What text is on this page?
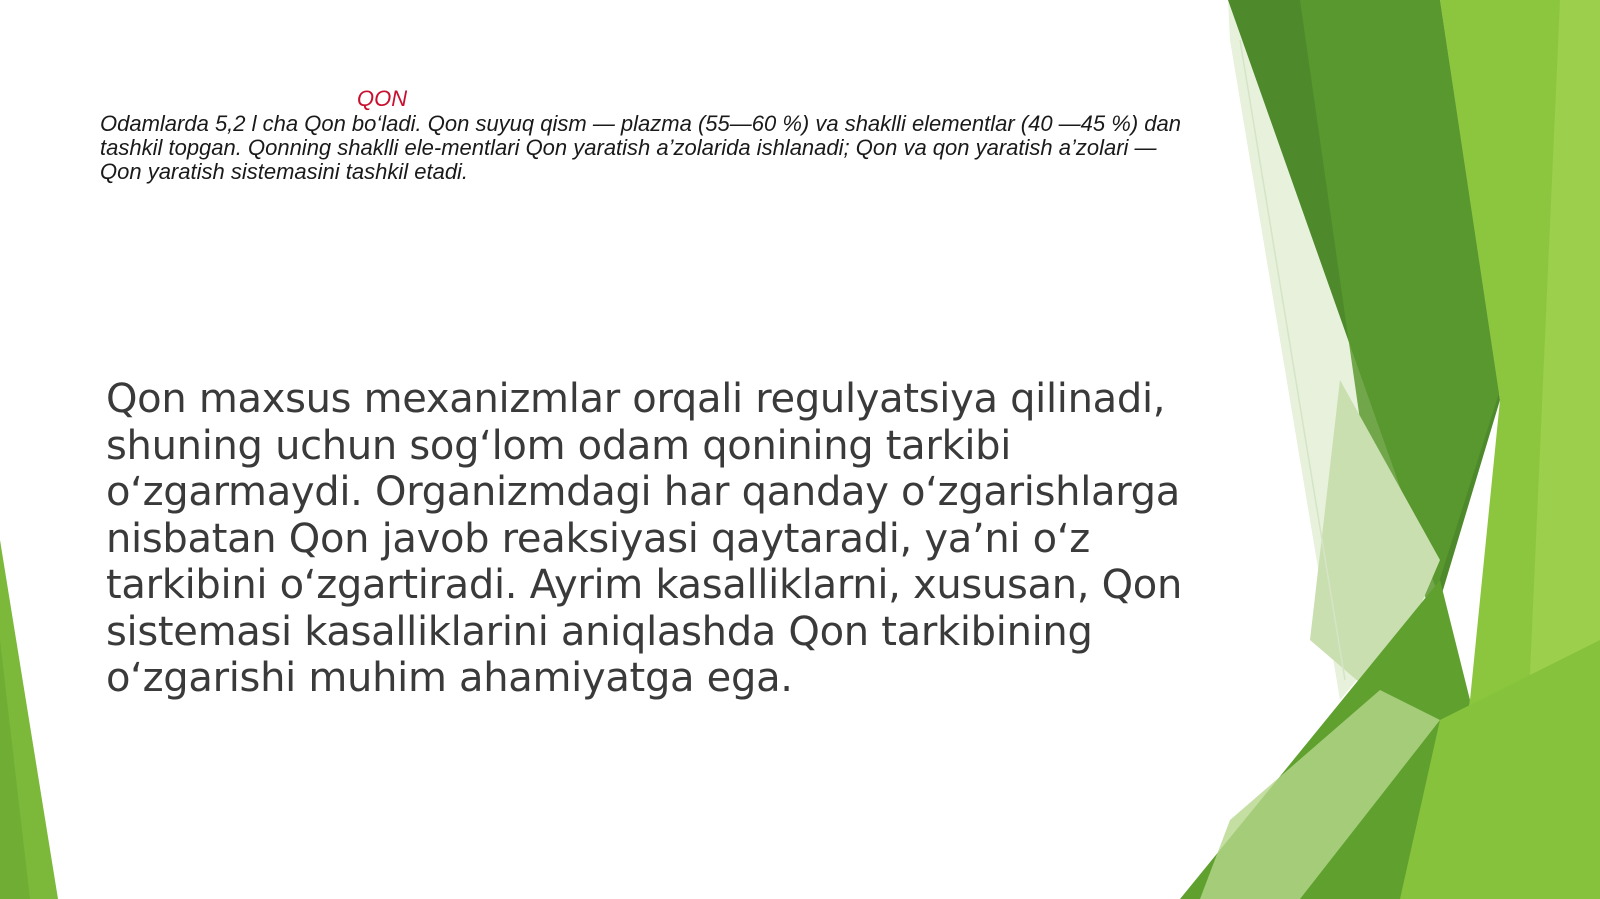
QON

Odamlarda 5,2 l cha Qon bo‘ladi. Qon suyuq qism — plazma (55—60 %) va shaklli elementlar (40 —45 %) dan tashkil topgan. Qonning shaklli ele-mentlari Qon yaratish a’zolarida ishlanadi; Qon va qon yaratish a’zolari — Qon yaratish sistemasini tashkil etadi.

Qon maxsus mexanizmlar orqali regulyatsiya qilinadi, shuning uchun sog‘lom odam qonining tarkibi o‘zgarmaydi. Organizmdagi har qanday o‘zgarishlarga nisbatan Qon javob reaksiyasi qaytaradi, ya’ni o‘z tarkibini o‘zgartiradi. Ayrim kasalliklarni, xususan, Qon sistemasi kasalliklarini aniqlashda Qon tarkibining o‘zgarishi muhim ahamiyatga ega.
